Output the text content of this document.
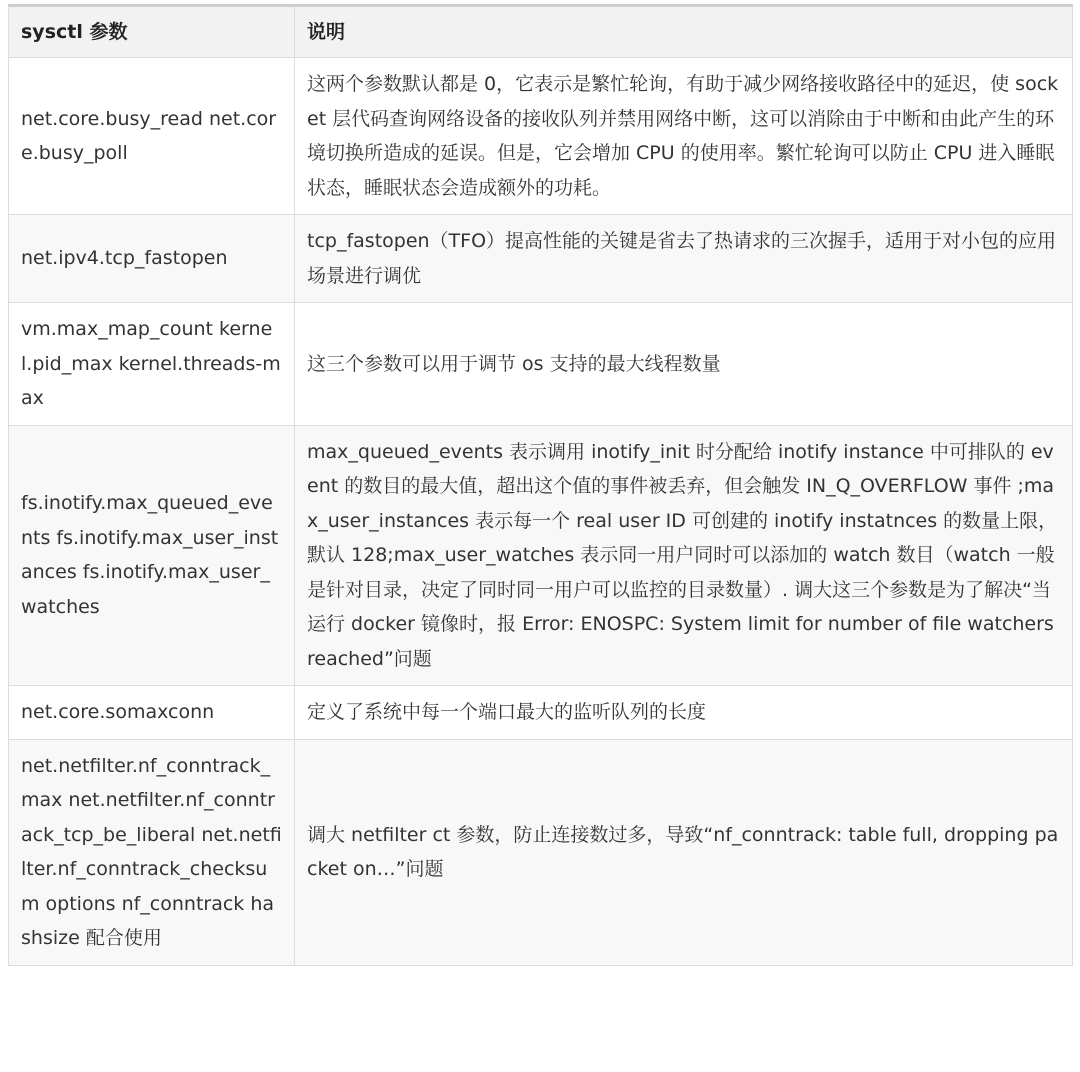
sysctl 参数	说明
net.core.busy_read net.core.busy_poll	这两个参数默认都是 0，它表示是繁忙轮询，有助于减少网络接收路径中的延迟，使 socket 层代码查询网络设备的接收队列并禁用网络中断，这可以消除由于中断和由此产生的环境切换所造成的延误。但是，它会增加 CPU 的使用率。繁忙轮询可以防止 CPU 进入睡眠状态，睡眠状态会造成额外的功耗。
net.ipv4.tcp_fastopen	tcp_fastopen（TFO）提高性能的关键是省去了热请求的三次握手，适用于对小包的应用场景进行调优
vm.max_map_count kernel.pid_max kernel.threads-max	这三个参数可以用于调节 os 支持的最大线程数量
fs.inotify.max_queued_events fs.inotify.max_user_instances fs.inotify.max_user_watches	max_queued_events 表示调用 inotify_init 时分配给 inotify instance 中可排队的 event 的数目的最大值，超出这个值的事件被丢弃，但会触发 IN_Q_OVERFLOW 事件 ;max_user_instances 表示每一个 real user ID 可创建的 inotify instatnces 的数量上限，默认 128;max_user_watches 表示同一用户同时可以添加的 watch 数目（watch 一般是针对目录，决定了同时同一用户可以监控的目录数量）. 调大这三个参数是为了解决“当运行 docker 镜像时，报 Error: ENOSPC: System limit for number of file watchers reached”问题
net.core.somaxconn	定义了系统中每一个端口最大的监听队列的长度
net.netfilter.nf_conntrack_max net.netfilter.nf_conntrack_tcp_be_liberal net.netfilter.nf_conntrack_checksum options nf_conntrack hashsize 配合使用	调大 netfilter ct 参数，防止连接数过多，导致“nf_conntrack: table full, dropping packet on…”问题
